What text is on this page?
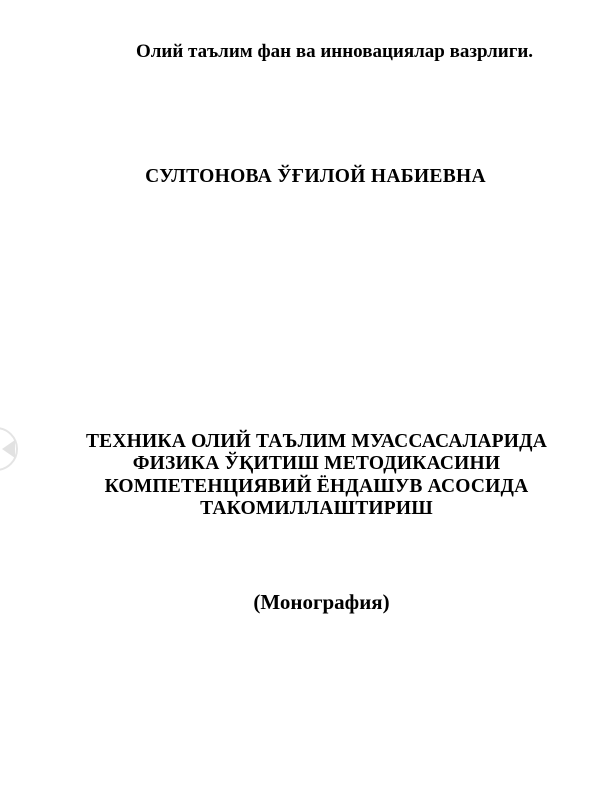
Олий таълим фан ва инновациялар вазрлиги.
СУЛТОНОВА ЎҒИЛОЙ НАБИЕВНА
ТЕХНИКА ОЛИЙ ТАЪЛИМ МУАССАСАЛАРИДА
ФИЗИКА ЎҚИТИШ МЕТОДИКАСИНИ
КОМПЕТЕНЦИЯВИЙ ЁНДАШУВ АСОСИДА
ТАКОМИЛЛАШТИРИШ
(Монография)
